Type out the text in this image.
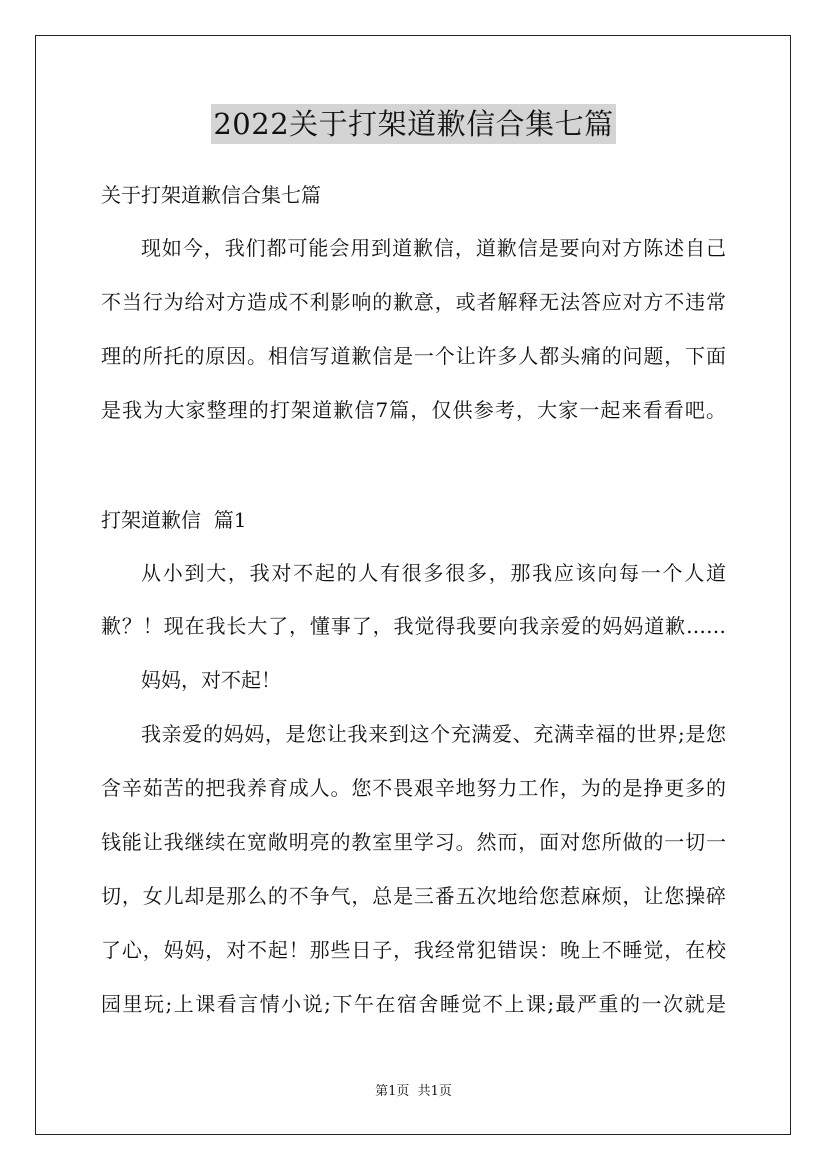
2022关于打架道歉信合集七篇
关于打架道歉信合集七篇
现如今，我们都可能会用到道歉信，道歉信是要向对方陈述自己
不当行为给对方造成不利影响的歉意，或者解释无法答应对方不违常
理的所托的原因。相信写道歉信是一个让许多人都头痛的问题，下面
是我为大家整理的打架道歉信7篇，仅供参考，大家一起来看看吧。
打架道歉信  篇1
从小到大，我对不起的人有很多很多，那我应该向每一个人道
歉？！现在我长大了，懂事了，我觉得我要向我亲爱的妈妈道歉……
妈妈，对不起！
我亲爱的妈妈，是您让我来到这个充满爱、充满幸福的世界;是您
含辛茹苦的把我养育成人。您不畏艰辛地努力工作，为的是挣更多的
钱能让我继续在宽敞明亮的教室里学习。然而，面对您所做的一切一
切，女儿却是那么的不争气，总是三番五次地给您惹麻烦，让您操碎
了心，妈妈，对不起！那些日子，我经常犯错误：晚上不睡觉，在校
园里玩;上课看言情小说;下午在宿舍睡觉不上课;最严重的一次就是
第1页  共1页
